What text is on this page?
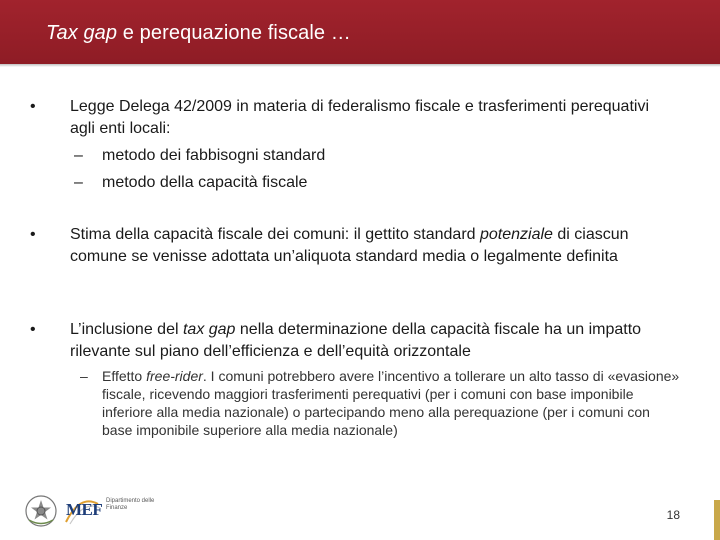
Tax gap e perequazione fiscale …
• Legge Delega 42/2009 in materia di federalismo fiscale e trasferimenti perequativi agli enti locali:
– metodo dei fabbisogni standard
– metodo della capacità fiscale
• Stima della capacità fiscale dei comuni: il gettito standard potenziale di ciascun comune se venisse adottata un’aliquota standard media o legalmente definita
• L’inclusione del tax gap nella determinazione della capacità fiscale ha un impatto rilevante sul piano dell’efficienza e dell’equità orizzontale
– Effetto free-rider. I comuni potrebbero avere l’incentivo a tollerare un alto tasso di «evasione» fiscale, ricevendo maggiori trasferimenti perequativi (per i comuni con base imponibile inferiore alla media nazionale) o partecipando meno alla perequazione (per i comuni con base imponibile superiore alla media nazionale)
MEF Dipartimento delle Finanze	18
